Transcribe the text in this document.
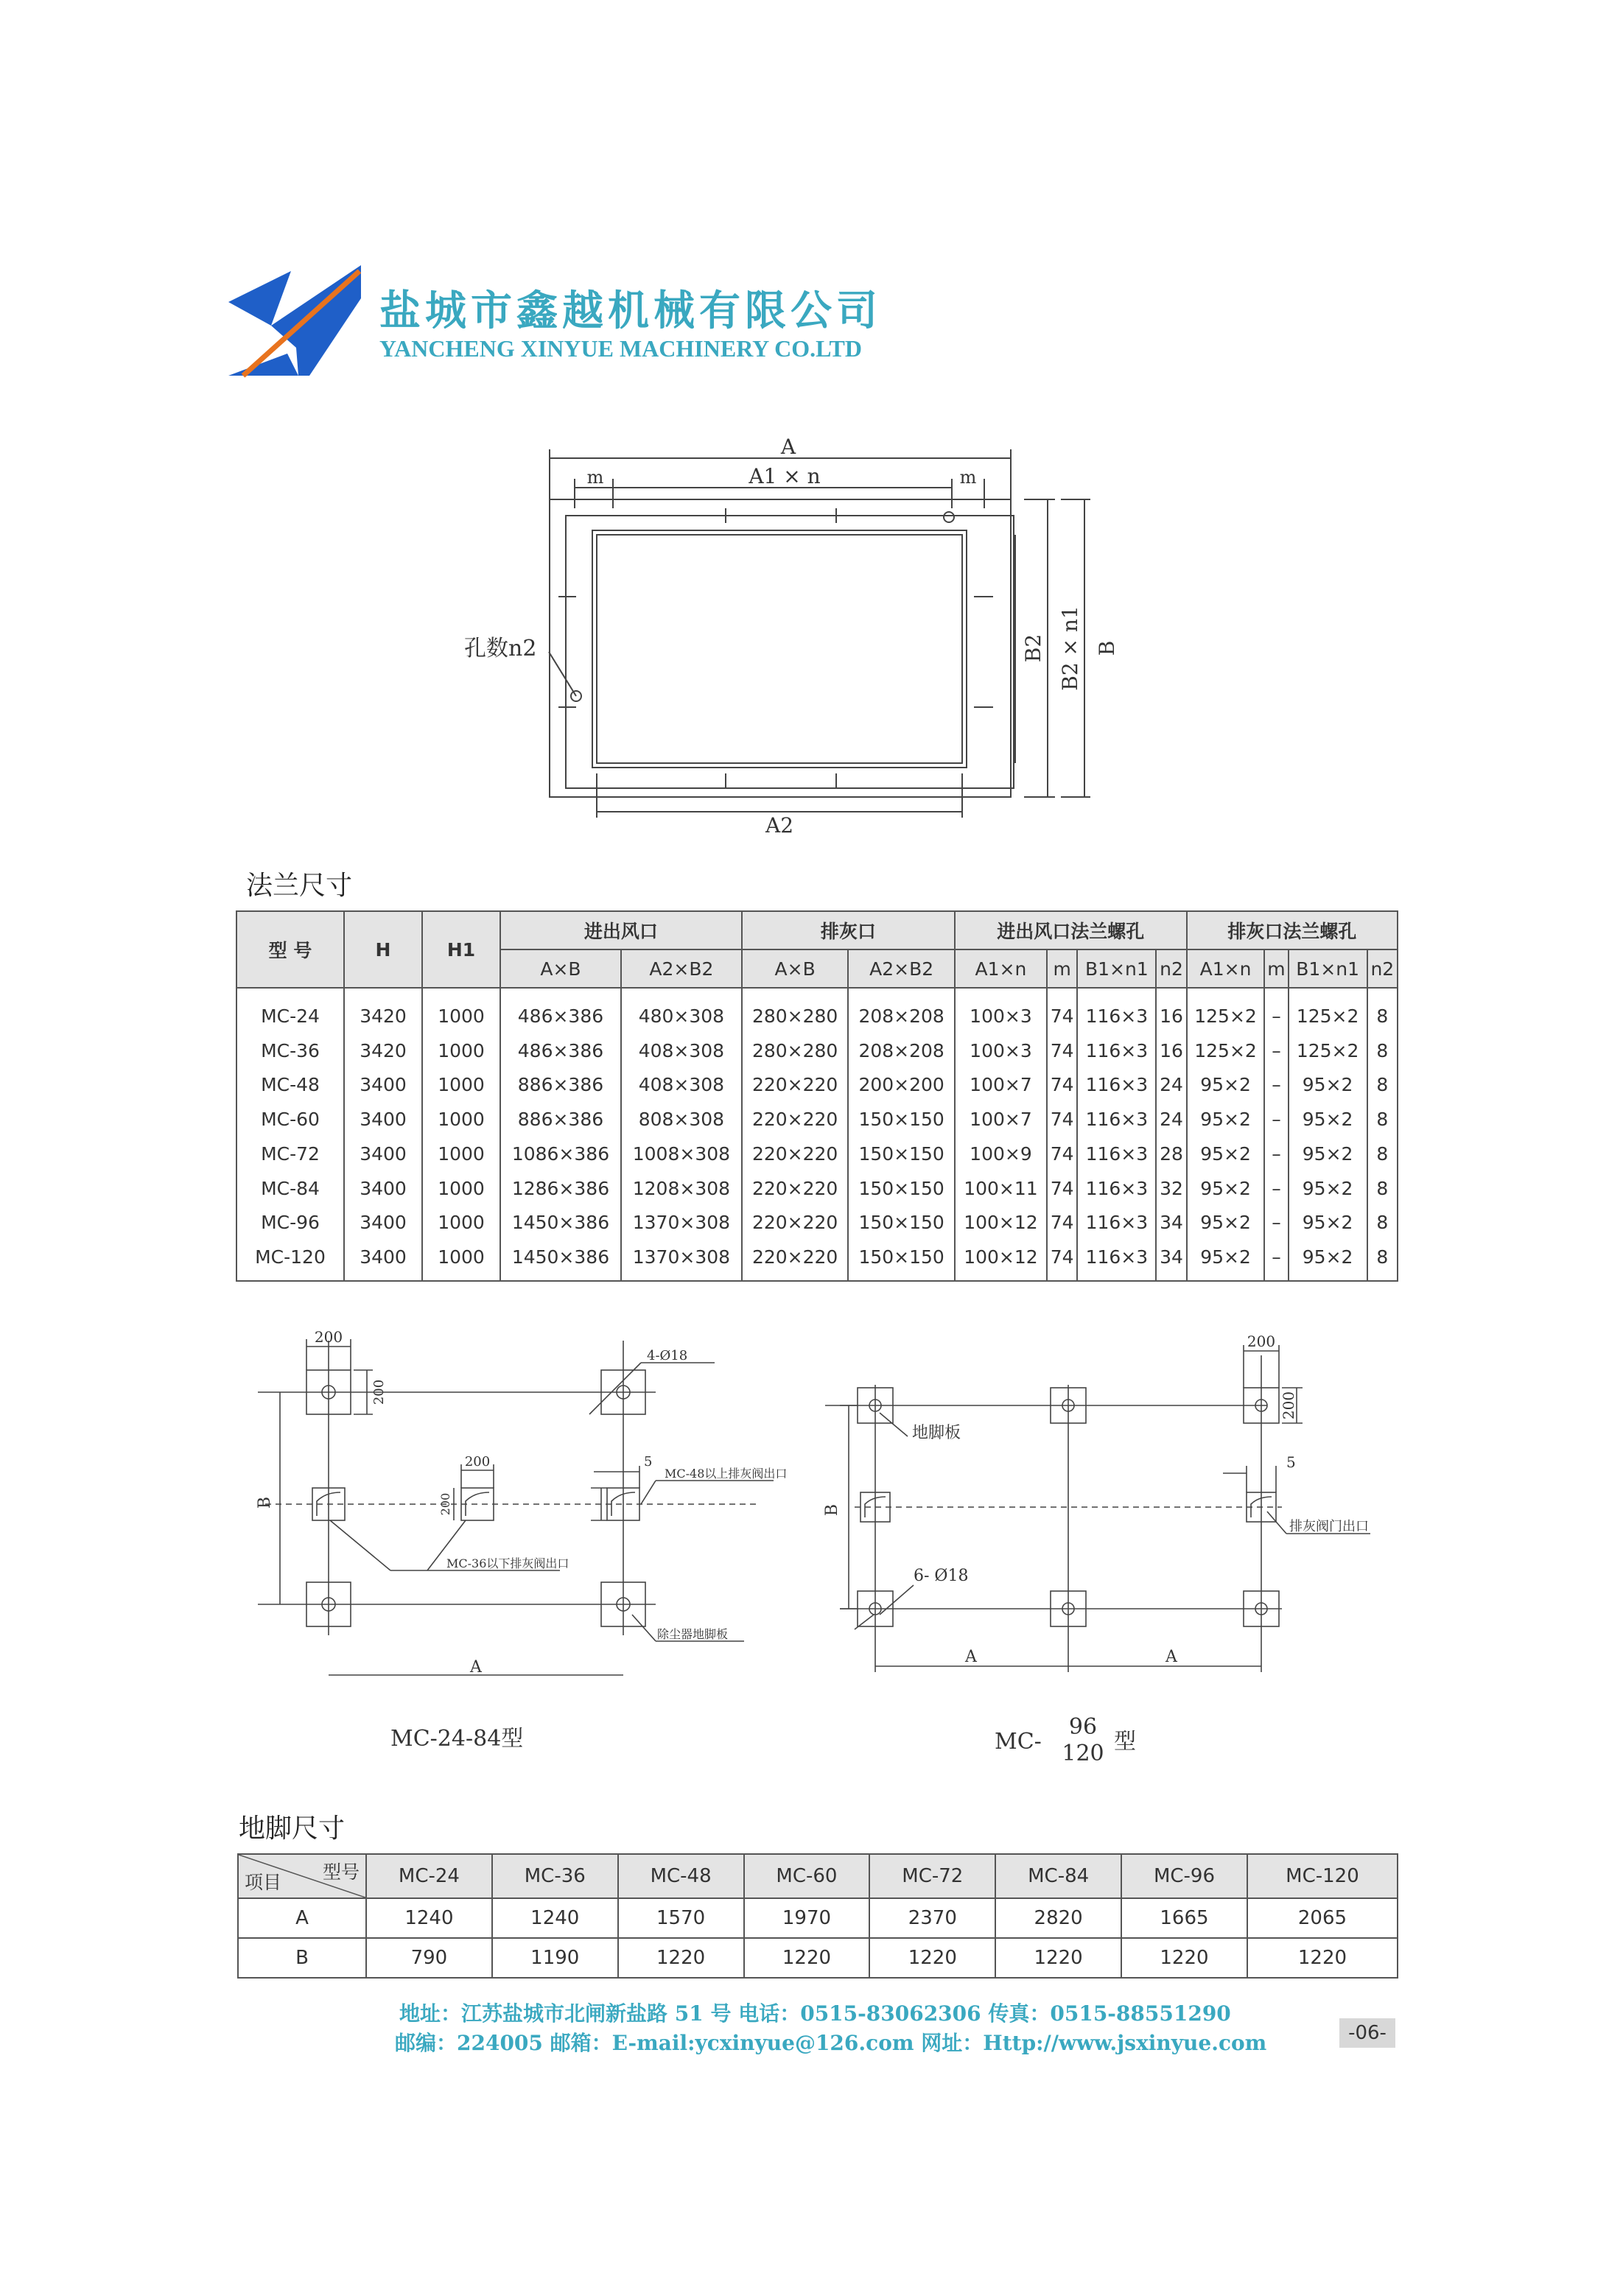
盐城市鑫越机械有限公司
YANCHENG XINYUE MACHINERY CO.LTD
A
A1 × n
m	m
孔数n2	B2 B2 × n1 B
A2
法兰尺寸
型 号	H	H1	进出风口		排灰口		进出风口法兰螺孔				排灰口法兰螺孔			
			A×B	A2×B2	A×B	A2×B2	A1×n	m	B1×n1	n2	A1×n	m	B1×n1	n2
MC-24	3420	1000	486×386	480×308	280×280	208×208	100×3	74	116×3	16	125×2	–	125×2	8
MC-36	3420	1000	486×386	408×308	280×280	208×208	100×3	74	116×3	16	125×2	–	125×2	8
MC-48	3400	1000	886×386	408×308	220×220	200×200	100×7	74	116×3	24	95×2	–	95×2	8
MC-60	3400	1000	886×386	808×308	220×220	150×150	100×7	74	116×3	24	95×2	–	95×2	8
MC-72	3400	1000	1086×386	1008×308	220×220	150×150	100×9	74	116×3	28	95×2	–	95×2	8
MC-84	3400	1000	1286×386	1208×308	220×220	150×150	100×11	74	116×3	32	95×2	–	95×2	8
MC-96	3400	1000	1450×386	1370×308	220×220	150×150	100×12	74	116×3	34	95×2	–	95×2	8
MC-120	3400	1000	1450×386	1370×308	220×220	150×150	100×12	74	116×3	34	95×2	–	95×2	8
200
200
4-Ø18
200
200
5
MC-48以上排灰阀出口
MC-36以下排灰阀出口
除尘器地脚板
B
A
MC-24-84型
200
200
地脚板
5
排灰阀门出口
6- Ø18
B
A	A
MC-
96
120 型
地脚尺寸
型号
项目	MC-24	MC-36	MC-48	MC-60	MC-72	MC-84	MC-96	MC-120
A	1240	1240	1570	1970	2370	2820	1665	2065
B	790	1190	1220	1220	1220	1220	1220	1220
地址：江苏盐城市北闸新盐路 51 号 电话：0515-83062306 传真：0515-88551290
邮编：224005 邮箱：E-mail:ycxinyue@126.com 网址：Http://www.jsxinyue.com	-06-
